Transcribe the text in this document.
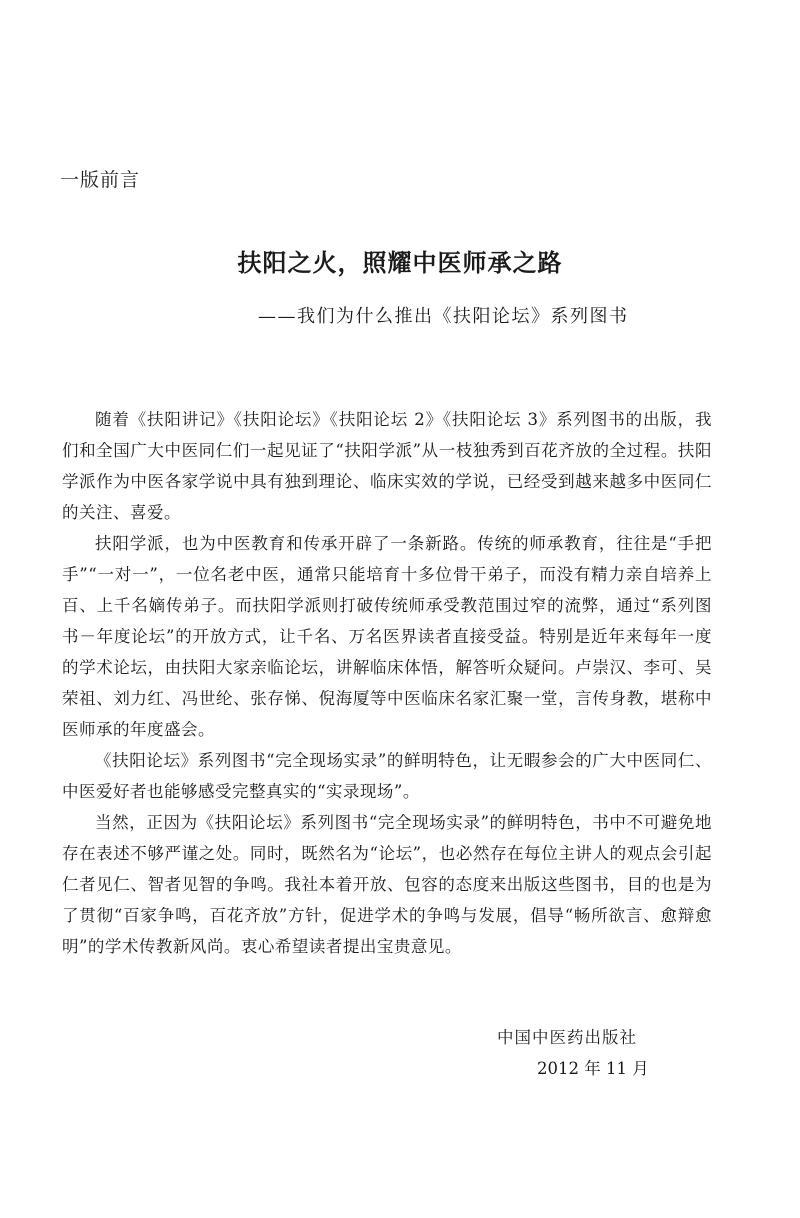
一版前言
扶阳之火，照耀中医师承之路
——我们为什么推出《扶阳论坛》系列图书

随着《扶阳讲记》《扶阳论坛》《扶阳论坛 2》《扶阳论坛 3》系列图书的出版，我们和全国广大中医同仁们一起见证了“扶阳学派”从一枝独秀到百花齐放的全过程。扶阳学派作为中医各家学说中具有独到理论、临床实效的学说，已经受到越来越多中医同仁的关注、喜爱。

扶阳学派，也为中医教育和传承开辟了一条新路。传统的师承教育，往往是“手把手”“一对一”，一位名老中医，通常只能培育十多位骨干弟子，而没有精力亲自培养上百、上千名嫡传弟子。而扶阳学派则打破传统师承受教范围过窄的流弊，通过“系列图书－年度论坛”的开放方式，让千名、万名医界读者直接受益。特别是近年来每年一度的学术论坛，由扶阳大家亲临论坛，讲解临床体悟，解答听众疑问。卢崇汉、李可、吴荣祖、刘力红、冯世纶、张存悌、倪海厦等中医临床名家汇聚一堂，言传身教，堪称中医师承的年度盛会。

《扶阳论坛》系列图书“完全现场实录”的鲜明特色，让无暇参会的广大中医同仁、中医爱好者也能够感受完整真实的“实录现场”。

当然，正因为《扶阳论坛》系列图书“完全现场实录”的鲜明特色，书中不可避免地存在表述不够严谨之处。同时，既然名为“论坛”，也必然存在每位主讲人的观点会引起仁者见仁、智者见智的争鸣。我社本着开放、包容的态度来出版这些图书，目的也是为了贯彻“百家争鸣，百花齐放”方针，促进学术的争鸣与发展，倡导“畅所欲言、愈辩愈明”的学术传教新风尚。衷心希望读者提出宝贵意见。

中国中医药出版社
2012 年 11 月
